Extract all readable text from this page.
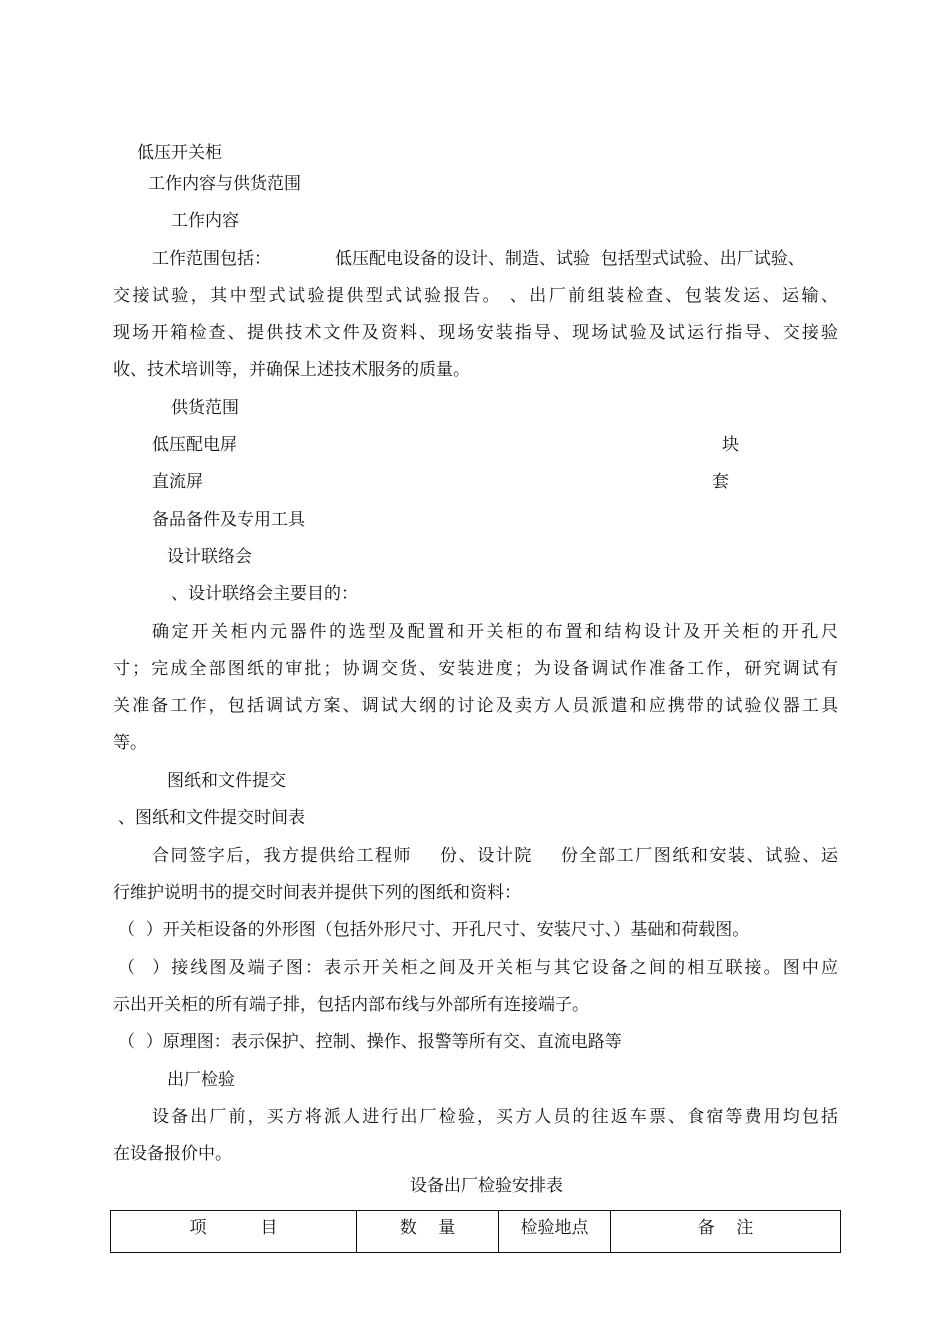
低压开关柜
工作内容与供货范围
工作内容
工作范围包括：	低压配电设备的设计、制造、试验  包括型式试验、出厂试验、
交接试验，其中型式试验提供型式试验报告。 、出厂前组装检查、包装发运、运输、
现场开箱检查、提供技术文件及资料、现场安装指导、现场试验及试运行指导、交接验
收、技术培训等，并确保上述技术服务的质量。
供货范围
低压配电屏	块
直流屏	套
备品备件及专用工具
设计联络会
、设计联络会主要目的：
确定开关柜内元器件的选型及配置和开关柜的布置和结构设计及开关柜的开孔尺
寸；完成全部图纸的审批；协调交货、安装进度；为设备调试作准备工作，研究调试有
关准备工作，包括调试方案、调试大纲的讨论及卖方人员派遣和应携带的试验仪器工具
等。
图纸和文件提交
、图纸和文件提交时间表
合同签字后，我方提供给工程师    份、设计院    份全部工厂图纸和安装、试验、运
行维护说明书的提交时间表并提供下列的图纸和资料：
（  ）开关柜设备的外形图（包括外形尺寸、开孔尺寸、安装尺寸、）基础和荷载图。
（  ）接线图及端子图：表示开关柜之间及开关柜与其它设备之间的相互联接。图中应
示出开关柜的所有端子排，包括内部布线与外部所有连接端子。
（  ）原理图：表示保护、控制、操作、报警等所有交、直流电路等
出厂检验
设备出厂前，买方将派人进行出厂检验，买方人员的往返车票、食宿等费用均包括
在设备报价中。
设备出厂检验安排表
项          目	数    量	检验地点	备    注
